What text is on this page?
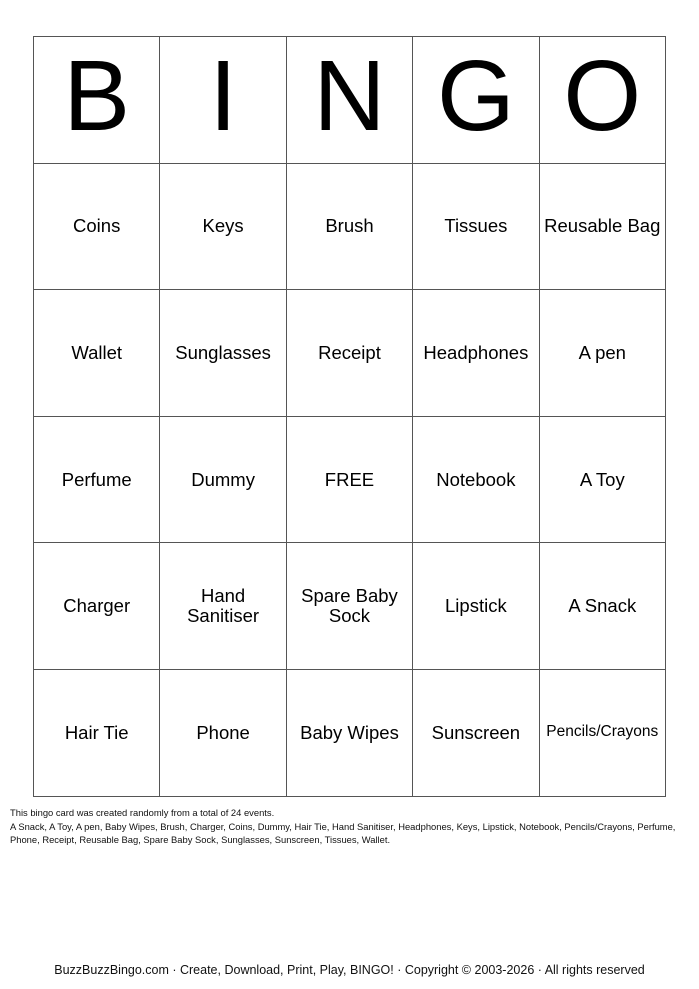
B	I	N	G	O
Coins	Keys	Brush	Tissues	Reusable Bag
Wallet	Sunglasses	Receipt	Headphones	A pen
Perfume	Dummy	FREE	Notebook	A Toy
Charger	Hand Sanitiser	Spare Baby Sock	Lipstick	A Snack
Hair Tie	Phone	Baby Wipes	Sunscreen	Pencils/Crayons
This bingo card was created randomly from a total of 24 events.
A Snack, A Toy, A pen, Baby Wipes, Brush, Charger, Coins, Dummy, Hair Tie, Hand Sanitiser, Headphones, Keys, Lipstick, Notebook, Pencils/Crayons, Perfume, Phone, Receipt, Reusable Bag, Spare Baby Sock, Sunglasses, Sunscreen, Tissues, Wallet.
BuzzBuzzBingo.com · Create, Download, Print, Play, BINGO! · Copyright © 2003-2026 · All rights reserved
